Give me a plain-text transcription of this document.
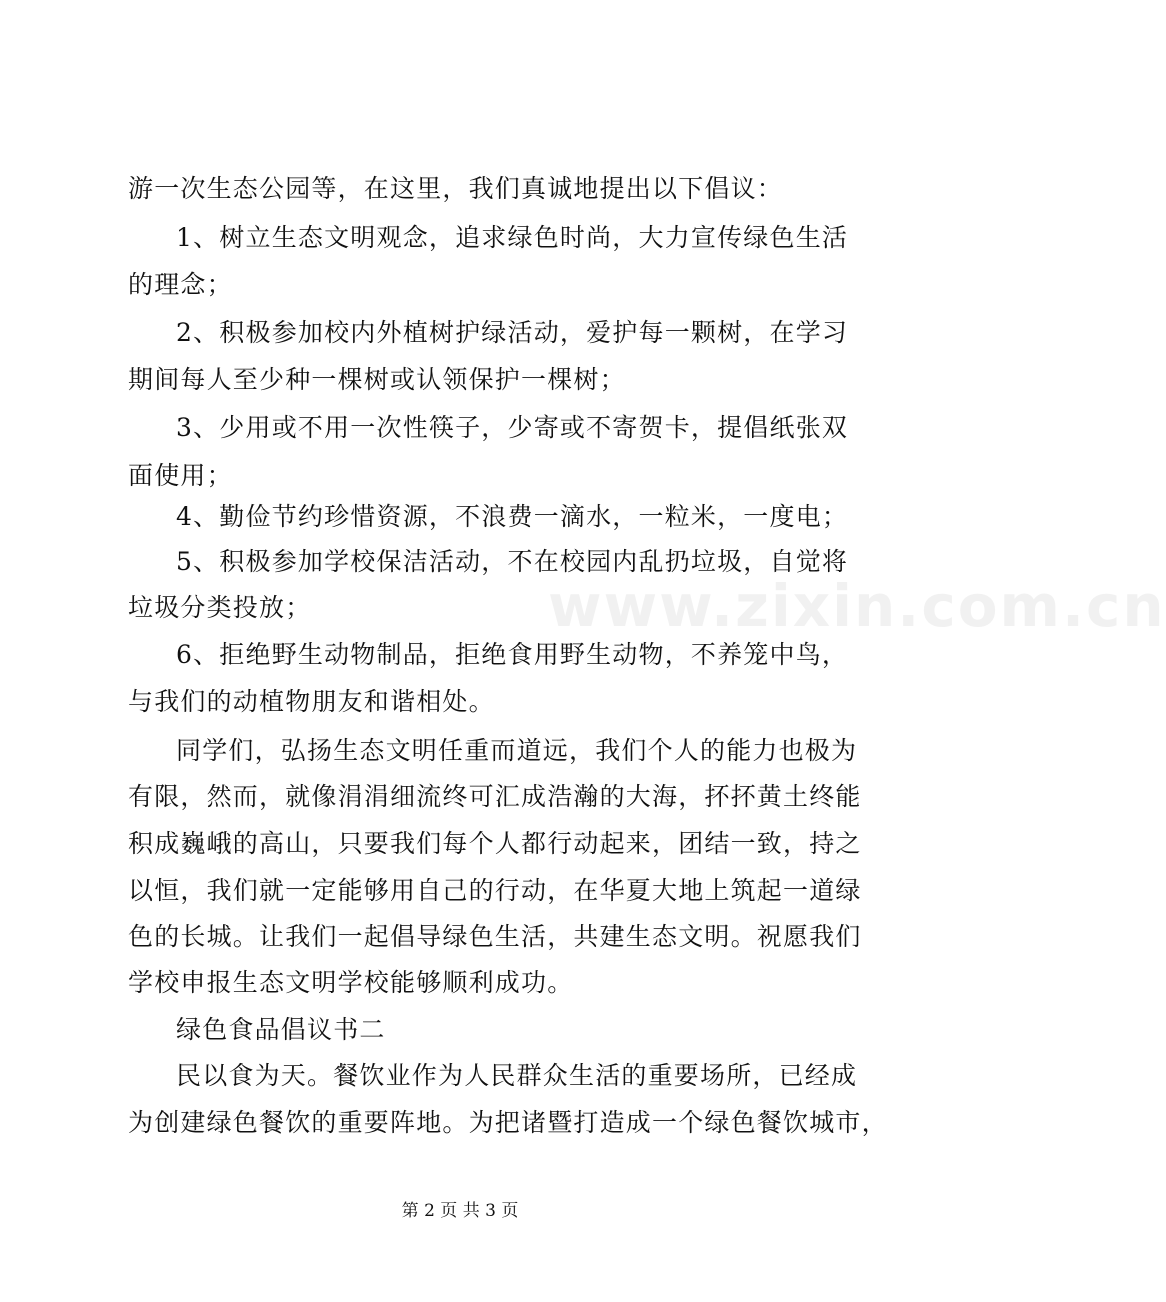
www.zixin.com.cn
游一次生态公园等，在这里，我们真诚地提出以下倡议：
1、树立生态文明观念，追求绿色时尚，大力宣传绿色生活
的理念；
2、积极参加校内外植树护绿活动，爱护每一颗树，在学习
期间每人至少种一棵树或认领保护一棵树；
3、少用或不用一次性筷子，少寄或不寄贺卡，提倡纸张双
面使用；
4、勤俭节约珍惜资源，不浪费一滴水，一粒米，一度电；
5、积极参加学校保洁活动，不在校园内乱扔垃圾，自觉将
垃圾分类投放；
6、拒绝野生动物制品，拒绝食用野生动物，不养笼中鸟，
与我们的动植物朋友和谐相处。
同学们，弘扬生态文明任重而道远，我们个人的能力也极为
有限，然而，就像涓涓细流终可汇成浩瀚的大海，抔抔黄土终能
积成巍峨的高山，只要我们每个人都行动起来，团结一致，持之
以恒，我们就一定能够用自己的行动，在华夏大地上筑起一道绿
色的长城。让我们一起倡导绿色生活，共建生态文明。祝愿我们
学校申报生态文明学校能够顺利成功。
绿色食品倡议书二
民以食为天。餐饮业作为人民群众生活的重要场所，已经成
为创建绿色餐饮的重要阵地。为把诸暨打造成一个绿色餐饮城市，
第 2 页 共 3 页
